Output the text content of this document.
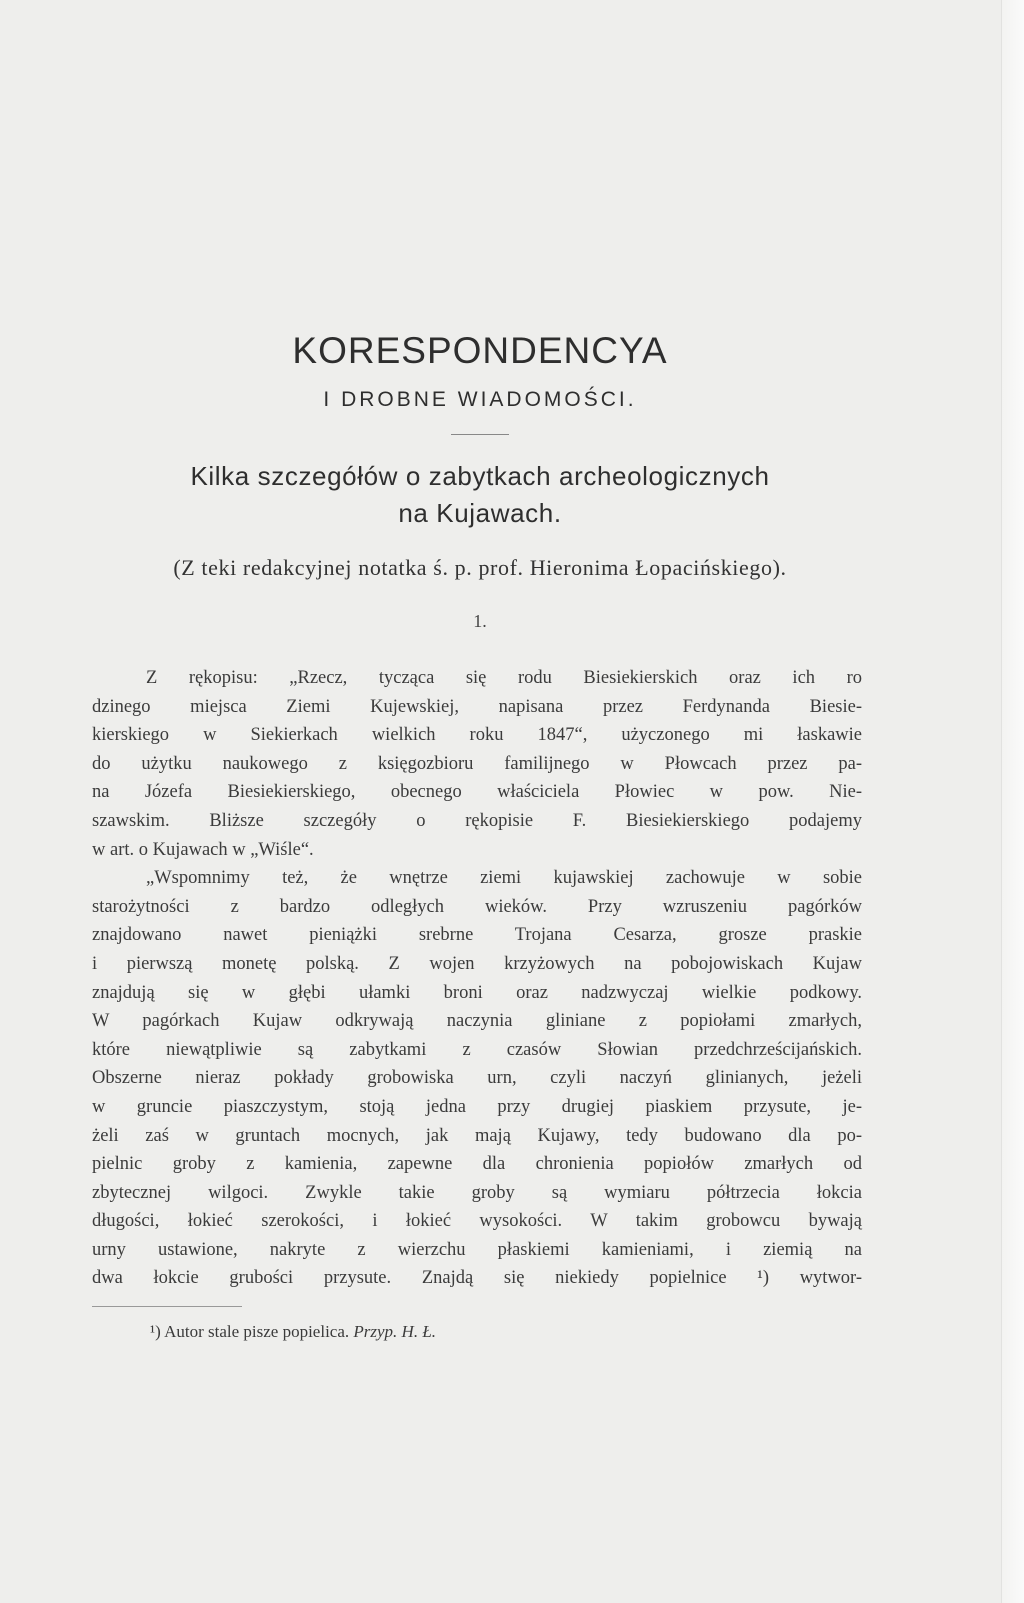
KORESPONDENCYA
I DROBNE WIADOMOŚCI.
Kilka szczegółów o zabytkach archeologicznych
na Kujawach.
(Z teki redakcyjnej notatka ś. p. prof. Hieronima Łopacińskiego).
1.
Z rękopisu: „Rzecz, tycząca się rodu Biesiekierskich oraz ich ro
dzinego miejsca Ziemi Kujewskiej, napisana przez Ferdynanda Biesie-
kierskiego w Siekierkach wielkich roku 1847“, użyczonego mi łaskawie
do użytku naukowego z księgozbioru familijnego w Płowcach przez pa-
na Józefa Biesiekierskiego, obecnego właściciela Płowiec w pow. Nie-
szawskim. Bliższe szczegóły o rękopisie F. Biesiekierskiego podajemy
w art. o Kujawach w „Wiśle“.
„Wspomnimy też, że wnętrze ziemi kujawskiej zachowuje w sobie
starożytności z bardzo odległych wieków. Przy wzruszeniu pagórków
znajdowano nawet pieniążki srebrne Trojana Cesarza, grosze praskie
i pierwszą monetę polską. Z wojen krzyżowych na pobojowiskach Kujaw
znajdują się w głębi ułamki broni oraz nadzwyczaj wielkie podkowy.
W pagórkach Kujaw odkrywają naczynia gliniane z popiołami zmarłych,
które niewątpliwie są zabytkami z czasów Słowian przedchrześcijańskich.
Obszerne nieraz pokłady grobowiska urn, czyli naczyń glinianych, jeżeli
w gruncie piaszczystym, stoją jedna przy drugiej piaskiem przysute, je-
żeli zaś w gruntach mocnych, jak mają Kujawy, tedy budowano dla po-
pielnic groby z kamienia, zapewne dla chronienia popiołów zmarłych od
zbytecznej wilgoci. Zwykle takie groby są wymiaru półtrzecia łokcia
długości, łokieć szerokości, i łokieć wysokości. W takim grobowcu bywają
urny ustawione, nakryte z wierzchu płaskiemi kamieniami, i ziemią na
dwa łokcie grubości przysute. Znajdą się niekiedy popielnice ¹) wytwor-
¹) Autor stale pisze popielica. Przyp. H. Ł.
